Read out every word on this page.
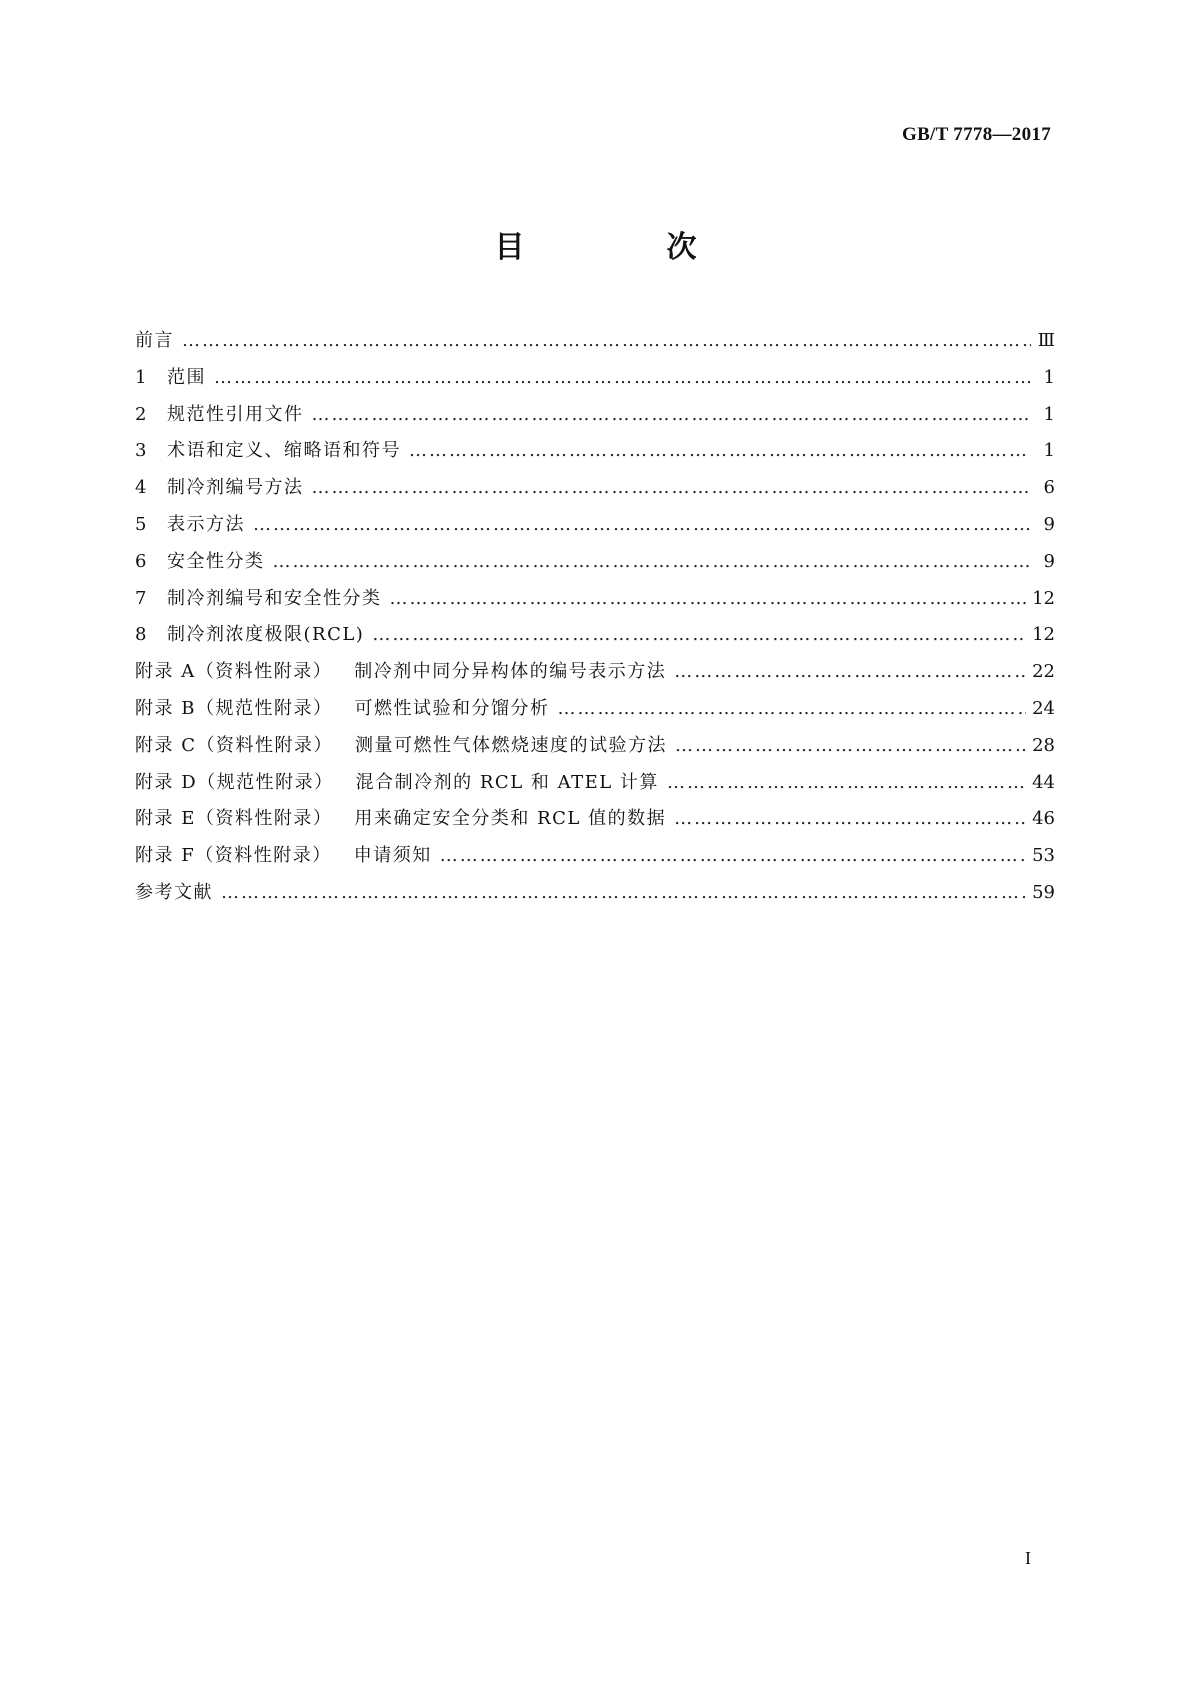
GB/T 7778—2017
目　次
前言 ……………………………………………………………………………………………………………………………………………………………………………………………………………………	Ⅲ
1	范围 ……………………………………………………………………………………………………………………………………………………………………………………………………………………	1
2	规范性引用文件 ……………………………………………………………………………………………………………………………………………………………………………………………………………………	1
3	术语和定义、缩略语和符号 ……………………………………………………………………………………………………………………………………………………………………………………………………………………	1
4	制冷剂编号方法 ……………………………………………………………………………………………………………………………………………………………………………………………………………………	6
5	表示方法 ……………………………………………………………………………………………………………………………………………………………………………………………………………………	9
6	安全性分类 ……………………………………………………………………………………………………………………………………………………………………………………………………………………	9
7	制冷剂编号和安全性分类 ……………………………………………………………………………………………………………………………………………………………………………………………………………………	12
8	制冷剂浓度极限(RCL) ……………………………………………………………………………………………………………………………………………………………………………………………………………………	12
附录 A（资料性附录） 制冷剂中同分异构体的编号表示方法 ……………………………………………………………………………………………………………………………………………………………………………………………………………………	22
附录 B（规范性附录） 可燃性试验和分馏分析 ……………………………………………………………………………………………………………………………………………………………………………………………………………………	24
附录 C（资料性附录） 测量可燃性气体燃烧速度的试验方法 ……………………………………………………………………………………………………………………………………………………………………………………………………………………	28
附录 D（规范性附录） 混合制冷剂的 RCL 和 ATEL 计算 ……………………………………………………………………………………………………………………………………………………………………………………………………………………	44
附录 E（资料性附录） 用来确定安全分类和 RCL 值的数据 ……………………………………………………………………………………………………………………………………………………………………………………………………………………	46
附录 F（资料性附录） 申请须知 ……………………………………………………………………………………………………………………………………………………………………………………………………………………	53
参考文献 ……………………………………………………………………………………………………………………………………………………………………………………………………………………	59
I
